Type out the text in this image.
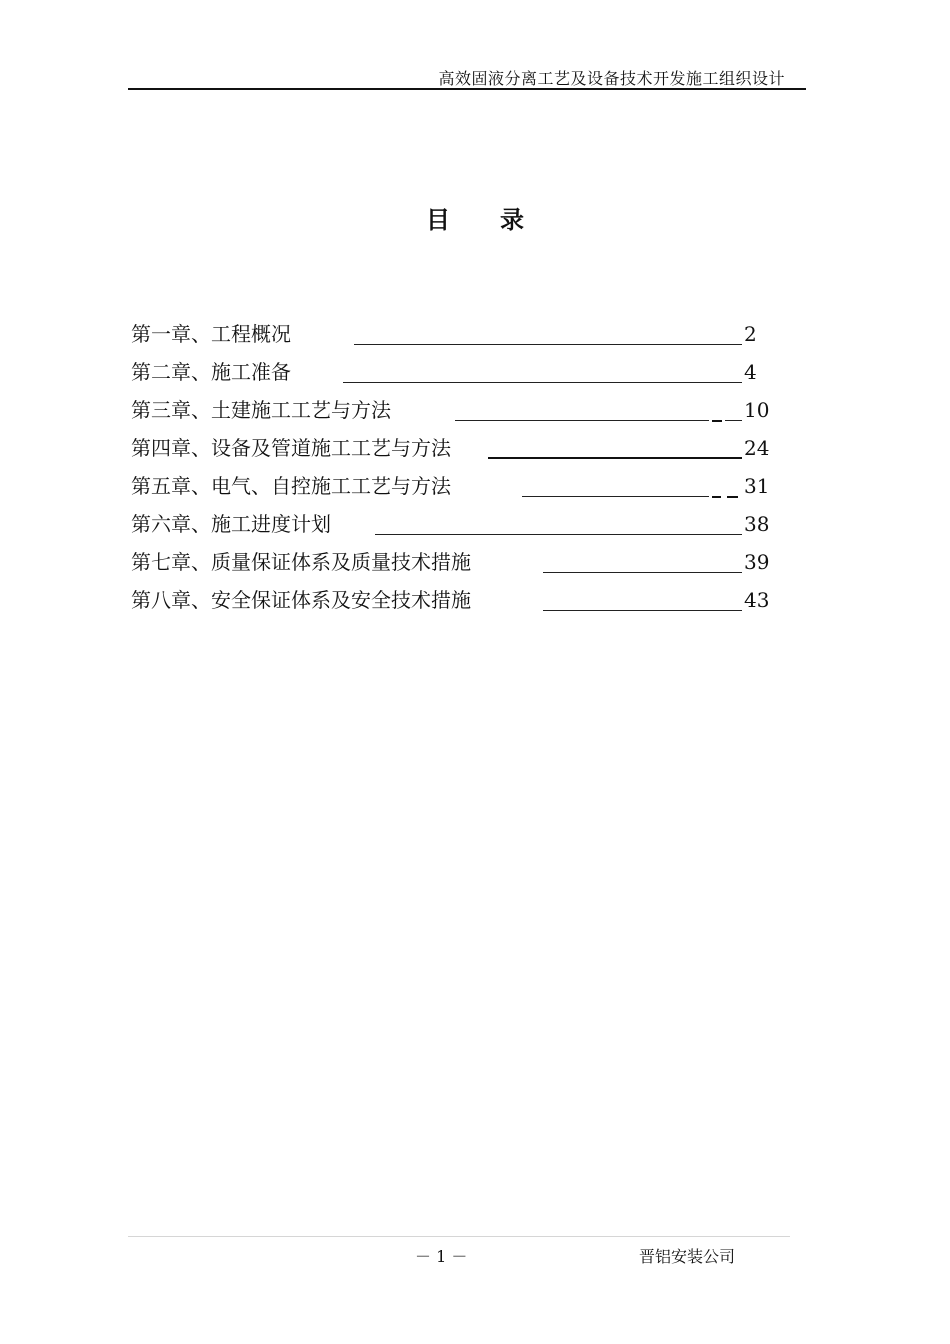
高效固液分离工艺及设备技术开发施工组织设计
目 录
第一章、工程概况	2
第二章、施工准备	4
第三章、土建施工工艺与方法	10
第四章、设备及管道施工工艺与方法	24
第五章、电气、自控施工工艺与方法	31
第六章、施工进度计划	38
第七章、质量保证体系及质量技术措施	39
第八章、安全保证体系及安全技术措施	43
－ 1 －	晋铝安装公司
